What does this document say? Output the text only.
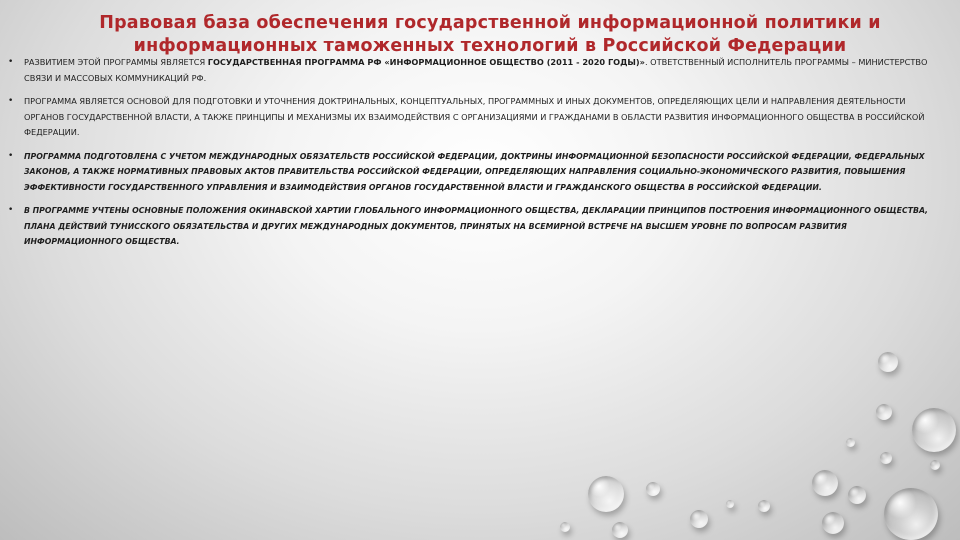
Правовая база обеспечения государственной информационной политики и информационных таможенных технологий в Российской Федерации
• РАЗВИТИЕМ ЭТОЙ ПРОГРАММЫ ЯВЛЯЕТСЯ ГОСУДАРСТВЕННАЯ ПРОГРАММА РФ «ИНФОРМАЦИОННОЕ ОБЩЕСТВО (2011 - 2020 ГОДЫ)». ОТВЕТСТВЕННЫЙ ИСПОЛНИТЕЛЬ ПРОГРАММЫ – МИНИСТЕРСТВО СВЯЗИ И МАССОВЫХ КОММУНИКАЦИЙ РФ.
• ПРОГРАММА ЯВЛЯЕТСЯ ОСНОВОЙ ДЛЯ ПОДГОТОВКИ И УТОЧНЕНИЯ ДОКТРИНАЛЬНЫХ, КОНЦЕПТУАЛЬНЫХ, ПРОГРАММНЫХ И ИНЫХ ДОКУМЕНТОВ, ОПРЕДЕЛЯЮЩИХ ЦЕЛИ И НАПРАВЛЕНИЯ ДЕЯТЕЛЬНОСТИ ОРГАНОВ ГОСУДАРСТВЕННОЙ ВЛАСТИ, А ТАКЖЕ ПРИНЦИПЫ И МЕХАНИЗМЫ ИХ ВЗАИМОДЕЙСТВИЯ С ОРГАНИЗАЦИЯМИ И ГРАЖДАНАМИ В ОБЛАСТИ РАЗВИТИЯ ИНФОРМАЦИОННОГО ОБЩЕСТВА В РОССИЙСКОЙ ФЕДЕРАЦИИ.
• ПРОГРАММА ПОДГОТОВЛЕНА С УЧЕТОМ МЕЖДУНАРОДНЫХ ОБЯЗАТЕЛЬСТВ РОССИЙСКОЙ ФЕДЕРАЦИИ, ДОКТРИНЫ ИНФОРМАЦИОННОЙ БЕЗОПАСНОСТИ РОССИЙСКОЙ ФЕДЕРАЦИИ, ФЕДЕРАЛЬНЫХ ЗАКОНОВ, А ТАКЖЕ НОРМАТИВНЫХ ПРАВОВЫХ АКТОВ ПРАВИТЕЛЬСТВА РОССИЙСКОЙ ФЕДЕРАЦИИ, ОПРЕДЕЛЯЮЩИХ НАПРАВЛЕНИЯ СОЦИАЛЬНО-ЭКОНОМИЧЕСКОГО РАЗВИТИЯ, ПОВЫШЕНИЯ ЭФФЕКТИВНОСТИ ГОСУДАРСТВЕННОГО УПРАВЛЕНИЯ И ВЗАИМОДЕЙСТВИЯ ОРГАНОВ ГОСУДАРСТВЕННОЙ ВЛАСТИ И ГРАЖДАНСКОГО ОБЩЕСТВА В РОССИЙСКОЙ ФЕДЕРАЦИИ.
• В ПРОГРАММЕ УЧТЕНЫ ОСНОВНЫЕ ПОЛОЖЕНИЯ ОКИНАВСКОЙ ХАРТИИ ГЛОБАЛЬНОГО ИНФОРМАЦИОННОГО ОБЩЕСТВА, ДЕКЛАРАЦИИ ПРИНЦИПОВ ПОСТРОЕНИЯ ИНФОРМАЦИОННОГО ОБЩЕСТВА, ПЛАНА ДЕЙСТВИЙ ТУНИССКОГО ОБЯЗАТЕЛЬСТВА И ДРУГИХ МЕЖДУНАРОДНЫХ ДОКУМЕНТОВ, ПРИНЯТЫХ НА ВСЕМИРНОЙ ВСТРЕЧЕ НА ВЫСШЕМ УРОВНЕ ПО ВОПРОСАМ РАЗВИТИЯ ИНФОРМАЦИОННОГО ОБЩЕСТВА.
